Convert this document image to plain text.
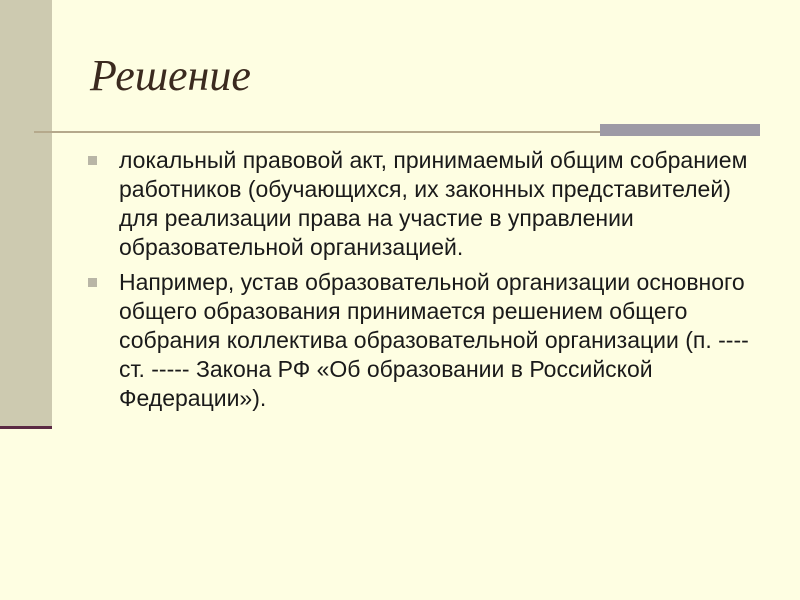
Решение
локальный правовой акт, принимаемый общим собранием работников (обучающихся, их законных представителей) для реализации права на участие в управлении образовательной организацией.
Например, устав образовательной организации основного общего образования принимается решением общего собрания коллектива образовательной организации (п. ---- ст. ----- Закона РФ «Об образовании в Российской Федерации»).
